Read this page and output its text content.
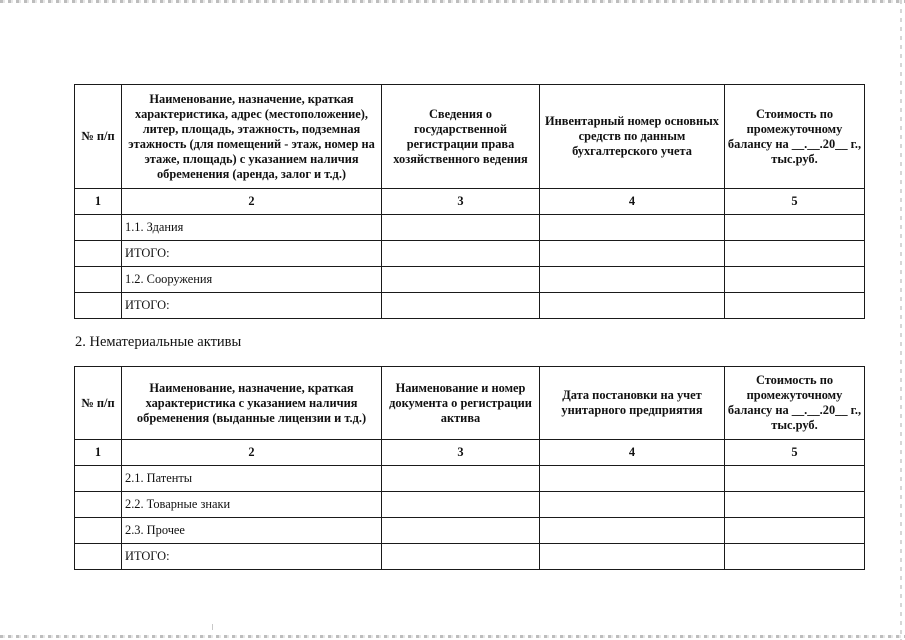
№ п/п	Наименование, назначение, краткая характеристика, адрес (местоположение), литер, площадь, этажность, подземная этажность (для помещений - этаж, номер на этаже, площадь) с указанием наличия обременения (аренда, залог и т.д.)	Сведения о государственной регистрации права хозяйственного ведения	Инвентарный номер основных средств по данным бухгалтерского учета	Стоимость по промежуточному балансу на __.__.20__ г., тыс.руб.
1	2	3	4	5
	1.1. Здания			
	ИТОГО:			
	1.2. Сооружения			
	ИТОГО:			
2. Нематериальные активы
№ п/п	Наименование, назначение, краткая характеристика с указанием наличия обременения (выданные лицензии и т.д.)	Наименование и номер документа о регистрации актива	Дата постановки на учет унитарного предприятия	Стоимость по промежуточному балансу на __.__.20__ г., тыс.руб.
1	2	3	4	5
	2.1. Патенты			
	2.2. Товарные знаки			
	2.3. Прочее			
	ИТОГО:			
